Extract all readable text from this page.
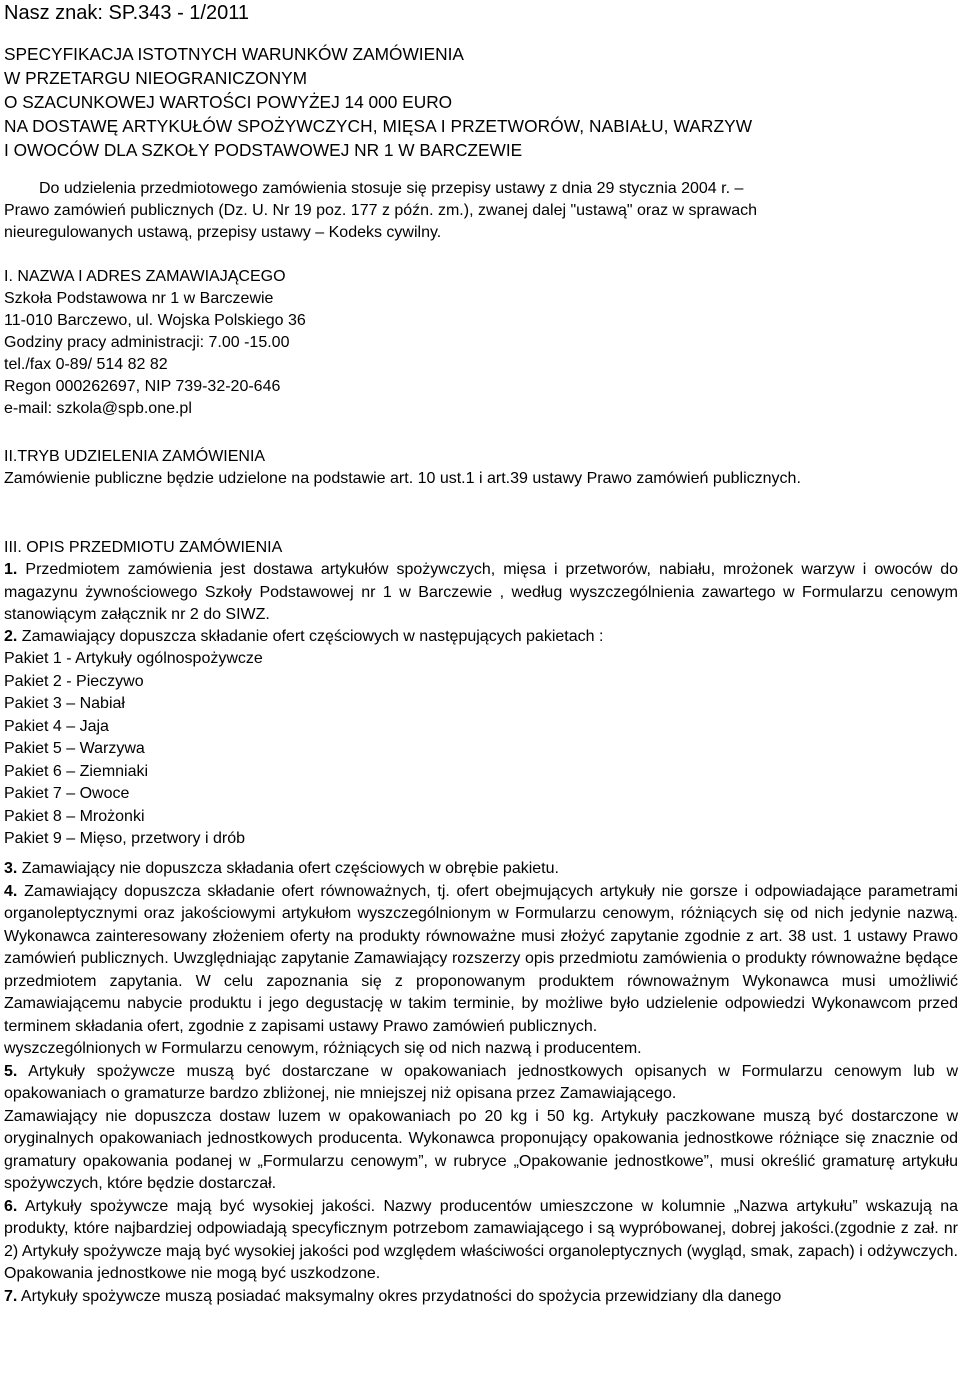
Nasz znak: SP.343 - 1/2011
SPECYFIKACJA ISTOTNYCH WARUNKÓW ZAMÓWIENIA
W PRZETARGU NIEOGRANICZONYM
O SZACUNKOWEJ WARTOŚCI POWYŻEJ 14 000 EURO
NA DOSTAWĘ ARTYKUŁÓW SPOŻYWCZYCH, MIĘSA I PRZETWORÓW, NABIAŁU, WARZYW
I OWOCÓW DLA SZKOŁY PODSTAWOWEJ NR 1 W BARCZEWIE
Do udzielenia przedmiotowego zamówienia stosuje się przepisy ustawy z dnia 29 stycznia 2004 r. –
Prawo zamówień publicznych (Dz. U. Nr 19 poz. 177 z późn. zm.), zwanej dalej "ustawą" oraz w sprawach
nieuregulowanych ustawą, przepisy ustawy – Kodeks cywilny.
I. NAZWA I ADRES ZAMAWIAJĄCEGO
Szkoła Podstawowa nr 1 w Barczewie
11-010 Barczewo, ul. Wojska Polskiego 36
Godziny pracy administracji: 7.00 -15.00
tel./fax 0-89/ 514 82 82
Regon 000262697, NIP 739-32-20-646
e-mail: szkola@spb.one.pl
II.TRYB UDZIELENIA ZAMÓWIENIA
Zamówienie publiczne będzie udzielone na podstawie art. 10 ust.1 i art.39 ustawy Prawo zamówień publicznych.
III. OPIS PRZEDMIOTU ZAMÓWIENIA

1. Przedmiotem zamówienia jest dostawa artykułów spożywczych, mięsa i przetworów, nabiału, mrożonek warzyw i owoców do magazynu żywnościowego Szkoły Podstawowej nr 1 w Barczewie , według wyszczególnienia zawartego w Formularzu cenowym stanowiącym załącznik nr 2 do SIWZ.

2. Zamawiający dopuszcza składanie ofert częściowych w następujących pakietach :

Pakiet 1 - Artykuły ogólnospożywcze
Pakiet 2 - Pieczywo
Pakiet 3 – Nabiał
Pakiet 4 – Jaja
Pakiet 5 – Warzywa
Pakiet 6 – Ziemniaki
Pakiet 7 – Owoce
Pakiet 8 – Mrożonki
Pakiet 9 – Mięso, przetwory i drób

3. Zamawiający nie dopuszcza składania ofert częściowych w obrębie pakietu.

4. Zamawiający dopuszcza składanie ofert równoważnych, tj. ofert obejmujących artykuły nie gorsze i odpowiadające parametrami organoleptycznymi oraz jakościowymi artykułom wyszczególnionym w Formularzu cenowym, różniących się od nich jedynie nazwą. Wykonawca zainteresowany złożeniem oferty na produkty równoważne musi złożyć zapytanie zgodnie z art. 38 ust. 1 ustawy Prawo zamówień publicznych. Uwzględniając zapytanie Zamawiający rozszerzy opis przedmiotu zamówienia o produkty równoważne będące przedmiotem zapytania. W celu zapoznania się z proponowanym produktem równoważnym Wykonawca musi umożliwić Zamawiającemu nabycie produktu i jego degustację w takim terminie, by możliwe było udzielenie odpowiedzi Wykonawcom przed terminem składania ofert, zgodnie z zapisami ustawy Prawo zamówień publicznych.

wyszczególnionych w Formularzu cenowym, różniących się od nich nazwą i producentem.

5. Artykuły spożywcze muszą być dostarczane w opakowaniach jednostkowych opisanych w Formularzu cenowym lub w opakowaniach o gramaturze bardzo zbliżonej, nie mniejszej niż opisana przez Zamawiającego.

Zamawiający nie dopuszcza dostaw luzem w opakowaniach po 20 kg i 50 kg. Artykuły paczkowane muszą być dostarczone w oryginalnych opakowaniach jednostkowych producenta. Wykonawca proponujący opakowania jednostkowe różniące się znacznie od gramatury opakowania podanej w „Formularzu cenowym”, w rubryce „Opakowanie jednostkowe”, musi określić gramaturę artykułu spożywczych, które będzie dostarczał.

6. Artykuły spożywcze mają być wysokiej jakości. Nazwy producentów umieszczone w kolumnie „Nazwa artykułu” wskazują na produkty, które najbardziej odpowiadają specyficznym potrzebom zamawiającego i są wypróbowanej, dobrej jakości.(zgodnie z zał. nr 2) Artykuły spożywcze mają być wysokiej jakości pod względem właściwości organoleptycznych (wygląd, smak, zapach) i odżywczych. Opakowania jednostkowe nie mogą być uszkodzone.

7. Artykuły spożywcze muszą posiadać maksymalny okres przydatności do spożycia przewidziany dla danego
